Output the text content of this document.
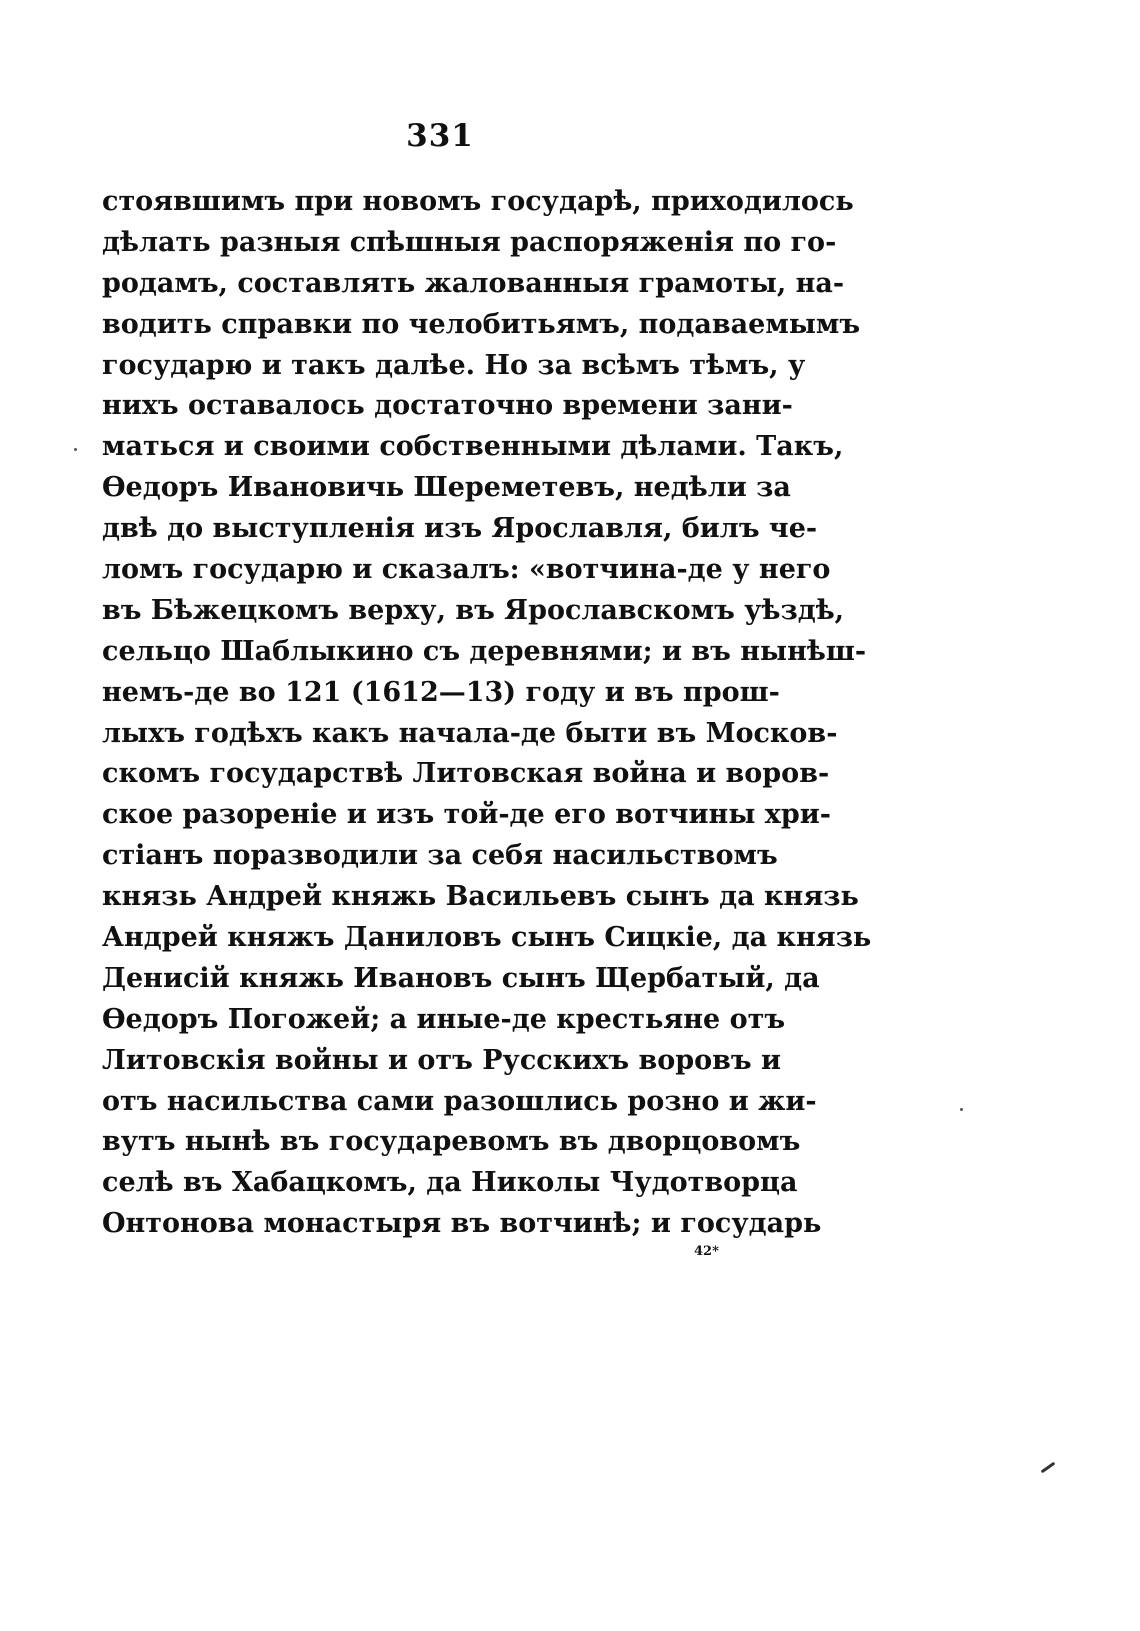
331
стоявшимъ при новомъ государѣ, приходилось
дѣлать разныя спѣшныя распоряженія по го-
родамъ, составлять жалованныя грамоты, на-
водить справки по челобитьямъ, подаваемымъ
государю и такъ далѣе. Но за всѣмъ тѣмъ, у
нихъ оставалось достаточно времени зани-
маться и своими собственными дѣлами. Такъ,
Ѳедоръ Ивановичь Шереметевъ, недѣли за
двѣ до выступленія изъ Ярославля, билъ че-
ломъ государю и сказалъ: «вотчина-де у него
въ Бѣжецкомъ верху, въ Ярославскомъ уѣздѣ,
сельцо Шаблыкино съ деревнями; и въ нынѣш-
немъ-де во 121 (1612—13) году и въ прош-
лыхъ годѣхъ какъ начала-де быти въ Москов-
скомъ государствѣ Литовская война и воров-
ское разореніе и изъ той-де его вотчины хри-
стіанъ поразводили за себя насильствомъ
князь Андрей княжь Васильевъ сынъ да князь
Андрей княжъ Даниловъ сынъ Сицкіе, да князь
Денисій княжь Ивановъ сынъ Щербатый, да
Ѳедоръ Погожей; а иные-де крестьяне отъ
Литовскія войны и отъ Русскихъ воровъ и
отъ насильства сами разошлись розно и жи-
вутъ нынѣ въ государевомъ въ дворцовомъ
селѣ въ Хабацкомъ, да Николы Чудотворца
Онтонова монастыря въ вотчинѣ; и государь
42*
